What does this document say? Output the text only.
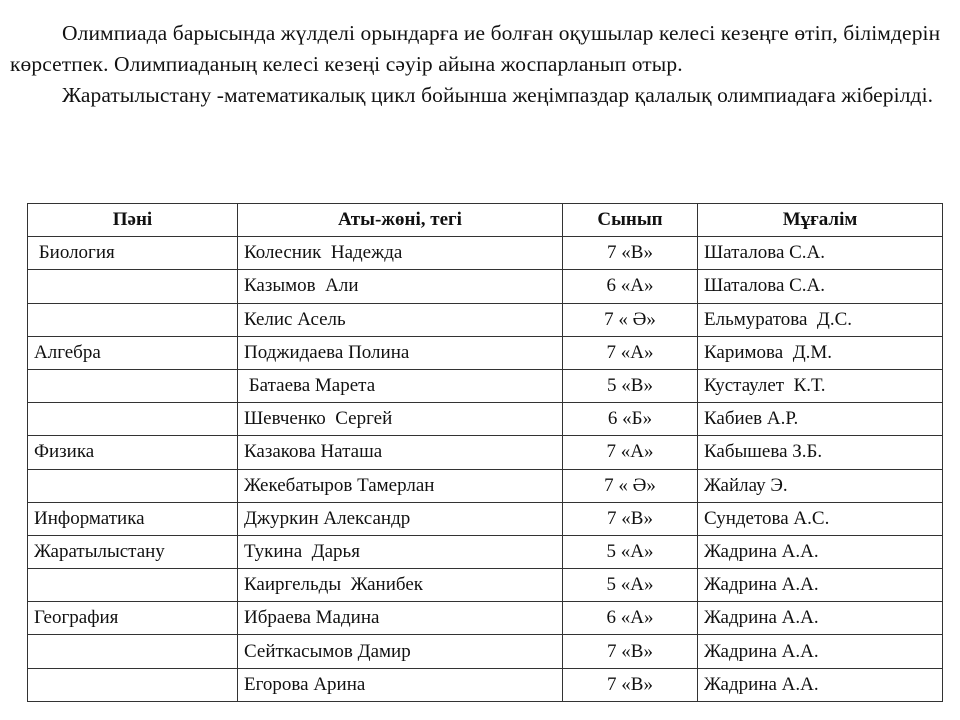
Олимпиада барысында жүлделі орындарға ие болған оқушылар келесі кезеңге өтіп, білімдерін көрсетпек. Олимпиаданың келесі кезеңі сәуір айына жоспарланып отыр.

Жаратылыстану -математикалық цикл бойынша жеңімпаздар қалалық олимпиадаға жіберілді.

Пәні	Аты-жөні, тегі	Сынып	Мұғалім
Биология	Колесник  Надежда	7 «В»	Шаталова С.А.
	Казымов  Али	6 «А»	Шаталова С.А.
	Келис Асель	7 « Ә»	Ельмуратова  Д.С.
Алгебра	Поджидаева Полина	7 «А»	Каримова  Д.М.
	Батаева Марета	5 «В»	Кустаулет  К.Т.
	Шевченко  Сергей	6 «Б»	Кабиев А.Р.
Физика	Казакова Наташа	7 «А»	Кабышева З.Б.
	Жекебатыров Тамерлан	7 « Ә»	Жайлау Э.
Информатика	Джуркин Александр	7 «В»	Сундетова А.С.
Жаратылыстану	Тукина  Дарья	5 «А»	Жадрина А.А.
	Каиргельды  Жанибек	5 «А»	Жадрина А.А.
География	Ибраева Мадина	6 «А»	Жадрина А.А.
	Сейткасымов Дамир	7 «В»	Жадрина А.А.
	Егорова Арина	7 «В»	Жадрина А.А.
